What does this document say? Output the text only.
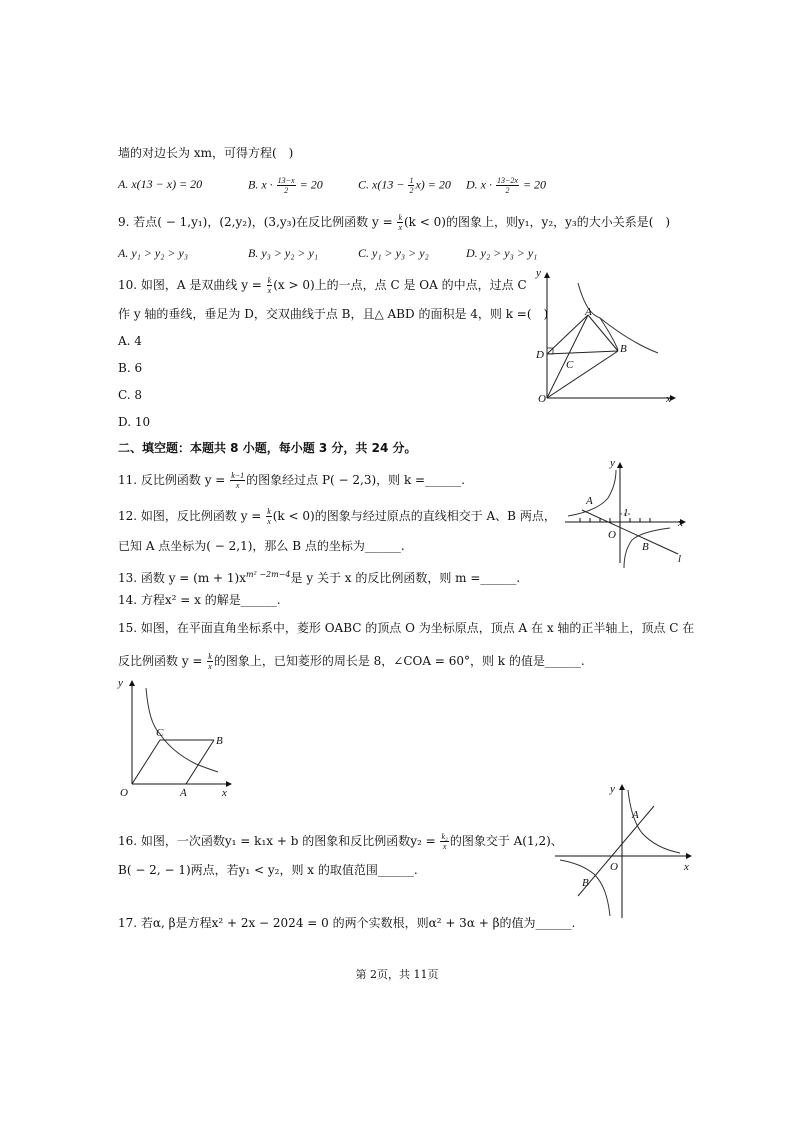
墙的对边长为 xm，可得方程(　)
A. x(13 − x) = 20	B. $x \cdot \frac{13-x}{2} = 20$	C. $x(13 - \frac{1}{2} x) = 20$ D. $x \cdot \frac{13-2x}{2} = 20$
9. 若点( − 1,y₁)，(2,y₂)，(3,y₃)在反比例函数 $y = \frac{k}{x} (k < 0)$的图象上，则y₁，y₂，y₃的大小关系是(　)
A. y₁ > y₂ > y₃	B. y₃ > y₂ > y₁	C. y₁ > y₃ > y₂	D. y₂ > y₃ > y₁
10. 如图，A 是双曲线 $y = \frac{k}{x} (x > 0)$上的一点，点 C 是 OA 的中点，过点 C
作 y 轴的垂线，垂足为 D，交双曲线于点 B，且△ ABD 的面积是 4，则 k =(　)
A. 4
B. 6
C. 8
D. 10
y
x
A
B
C
D
O
二、填空题：本题共 8 小题，每小题 3 分，共 24 分。
11. 反比例函数 $y = \frac{k-1}{x}$ 的图象经过点 P( − 2,3)，则 k =______.
12. 如图，反比例函数 $y = \frac{k}{x} (k < 0)$的图象与经过原点的直线相交于 A、B 两点，
已知 A 点坐标为( − 2,1)，那么 B 点的坐标为______.
y
x
A
B
O
1
l
13. 函数 $y = (m + 1)x^{m^2 -2m-4}$是 y 关于 x 的反比例函数，则 m =______.
14. 方程x² = x 的解是______.
15. 如图，在平面直角坐标系中，菱形 OABC 的顶点 O 为坐标原点，顶点 A 在 x 轴的正半轴上，顶点 C 在
反比例函数 $y = \frac{k}{x}$ 的图象上，已知菱形的周长是 8，∠COA = 60°，则 k 的值是______.
y
x
C
B
A
O
16. 如图，一次函数y₁ = k₁x + b 的图象和反比例函数$y_2 = \frac{\text{k₂}}{x}$ 的图象交于 A(1,2)、
B( − 2, − 1)两点，若y₁ < y₂，则 x 的取值范围______.
y
x
A
B
O
17. 若α, β是方程x² + 2x − 2024 = 0 的两个实数根，则α² + 3α + β的值为______.
第 2页，共 11页
